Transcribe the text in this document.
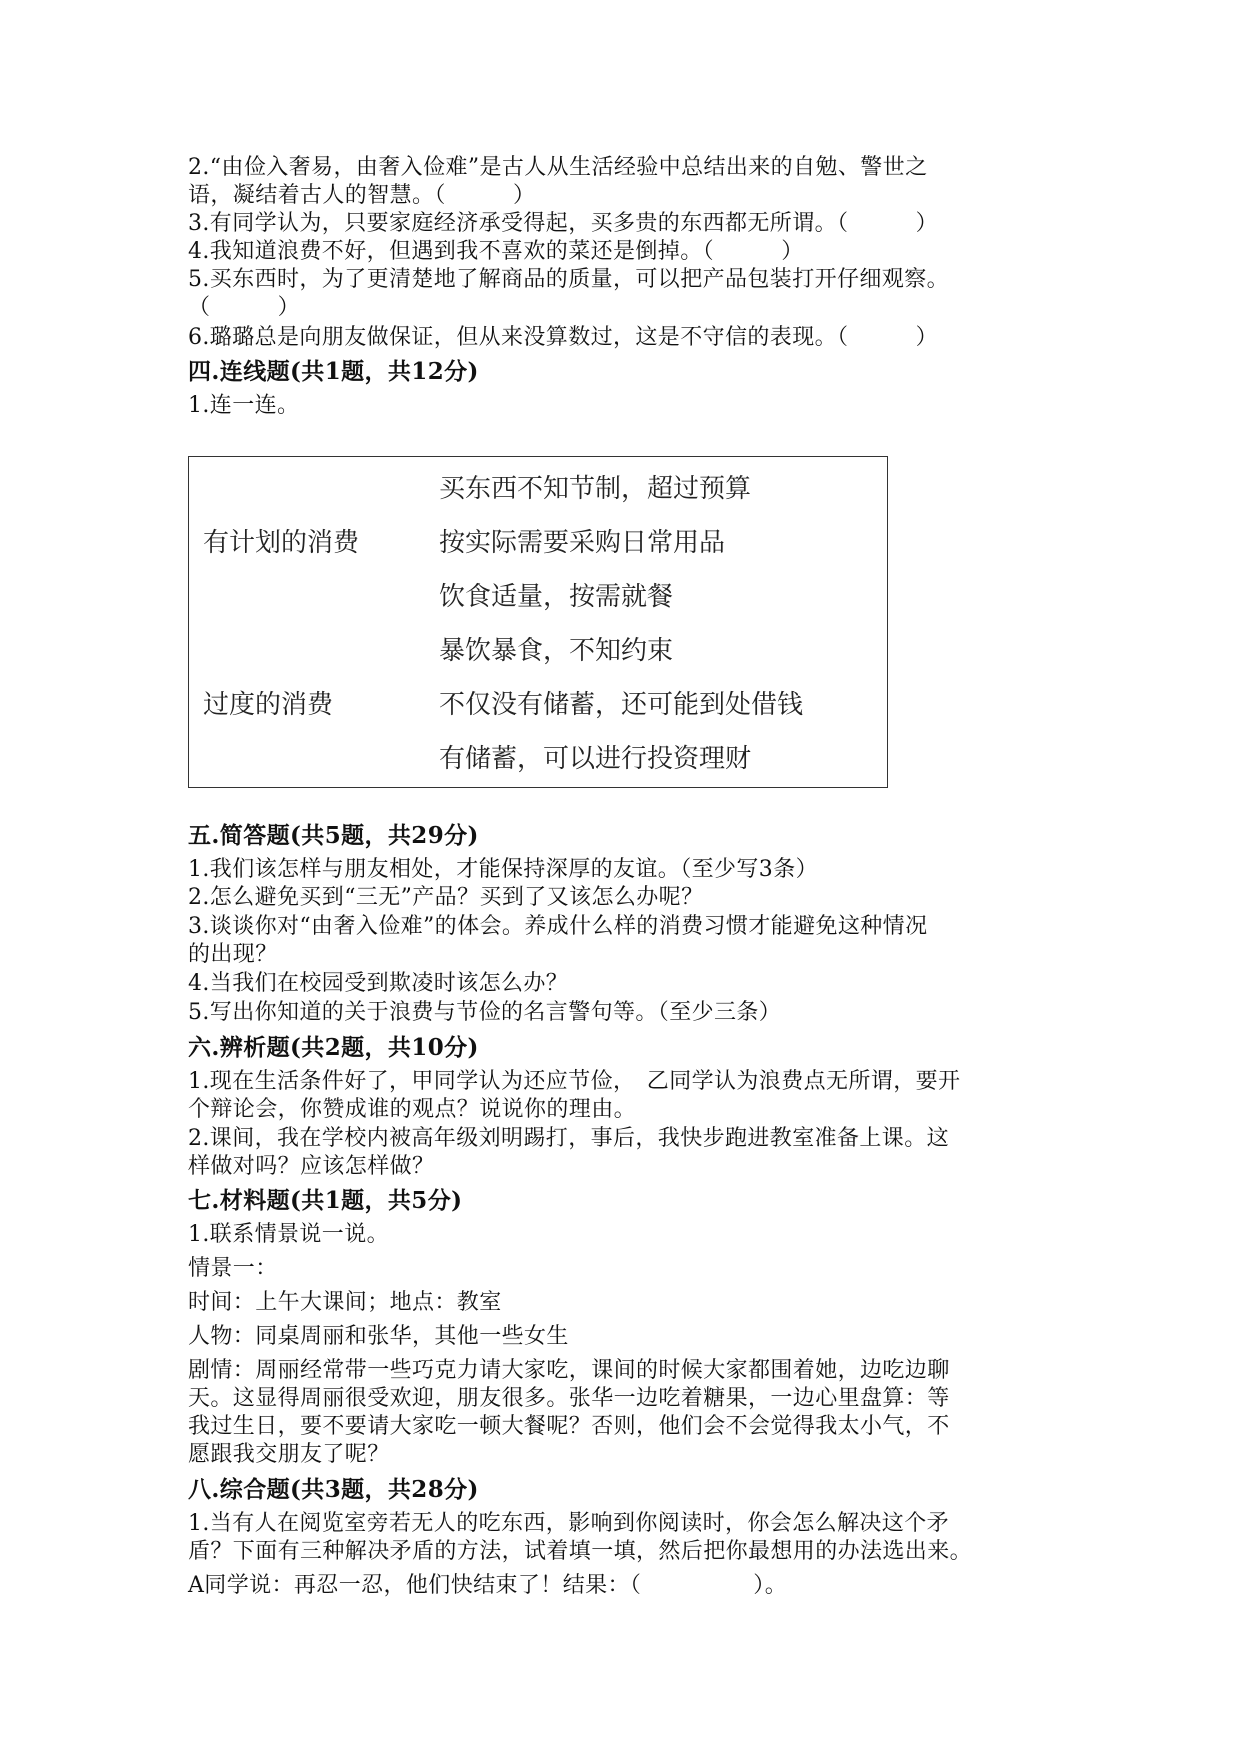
2.“由俭入奢易，由奢入俭难”是古人从生活经验中总结出来的自勉、警世之
语，凝结着古人的智慧。（　　　）
3.有同学认为，只要家庭经济承受得起，买多贵的东西都无所谓。（　　　）
4.我知道浪费不好，但遇到我不喜欢的菜还是倒掉。（　　　）
5.买东西时，为了更清楚地了解商品的质量，可以把产品包装打开仔细观察。
（　　　）
6.璐璐总是向朋友做保证，但从来没算数过，这是不守信的表现。（　　　）
四.连线题(共1题，共12分)
1.连一连。
有计划的消费
过度的消费
买东西不知节制，超过预算
按实际需要采购日常用品
饮食适量，按需就餐
暴饮暴食，不知约束
不仅没有储蓄，还可能到处借钱
有储蓄，可以进行投资理财
五.简答题(共5题，共29分)
1.我们该怎样与朋友相处，才能保持深厚的友谊。（至少写3条）
2.怎么避免买到“三无”产品？买到了又该怎么办呢？
3.谈谈你对“由奢入俭难”的体会。养成什么样的消费习惯才能避免这种情况
的出现？
4.当我们在校园受到欺凌时该怎么办？
5.写出你知道的关于浪费与节俭的名言警句等。（至少三条）
六.辨析题(共2题，共10分)
1.现在生活条件好了，甲同学认为还应节俭，　乙同学认为浪费点无所谓，要开
个辩论会，你赞成谁的观点？说说你的理由。
2.课间，我在学校内被高年级刘明踢打，事后，我快步跑进教室准备上课。这
样做对吗？应该怎样做？
七.材料题(共1题，共5分)
1.联系情景说一说。
情景一：
时间：上午大课间；地点：教室
人物：同桌周丽和张华，其他一些女生
剧情：周丽经常带一些巧克力请大家吃，课间的时候大家都围着她，边吃边聊
天。这显得周丽很受欢迎，朋友很多。张华一边吃着糖果，一边心里盘算：等
我过生日，要不要请大家吃一顿大餐呢？否则，他们会不会觉得我太小气，不
愿跟我交朋友了呢？
八.综合题(共3题，共28分)
1.当有人在阅览室旁若无人的吃东西，影响到你阅读时，你会怎么解决这个矛
盾？下面有三种解决矛盾的方法，试着填一填，然后把你最想用的办法选出来。
A同学说：再忍一忍，他们快结束了！结果：（　　　　　）。
